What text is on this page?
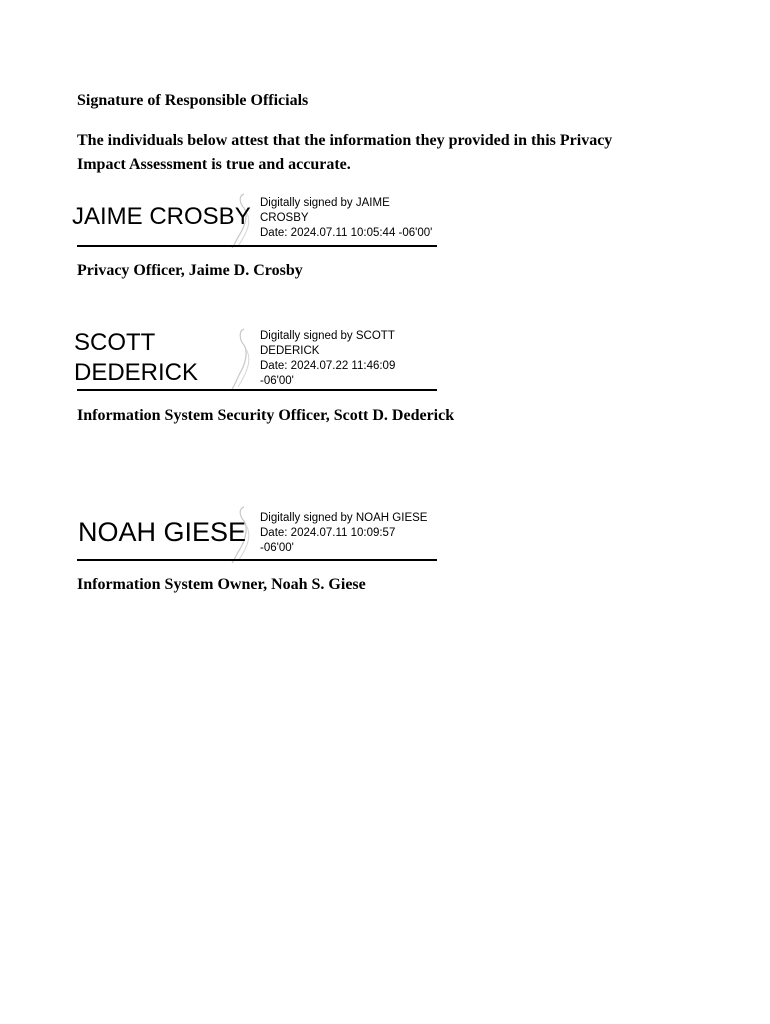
Signature of Responsible Officials
The individuals below attest that the information they provided in this Privacy
Impact Assessment is true and accurate.
JAIME CROSBY Digitally signed by JAIME
CROSBY
Date: 2024.07.11 10:05:44 -06'00'
Privacy Officer, Jaime D. Crosby
SCOTT
DEDERICK
Digitally signed by SCOTT
DEDERICK
Date: 2024.07.22 11:46:09
-06'00'
Information System Security Officer, Scott D. Dederick
NOAH GIESE Digitally signed by NOAH GIESE
Date: 2024.07.11 10:09:57
-06'00'
Information System Owner, Noah S. Giese
